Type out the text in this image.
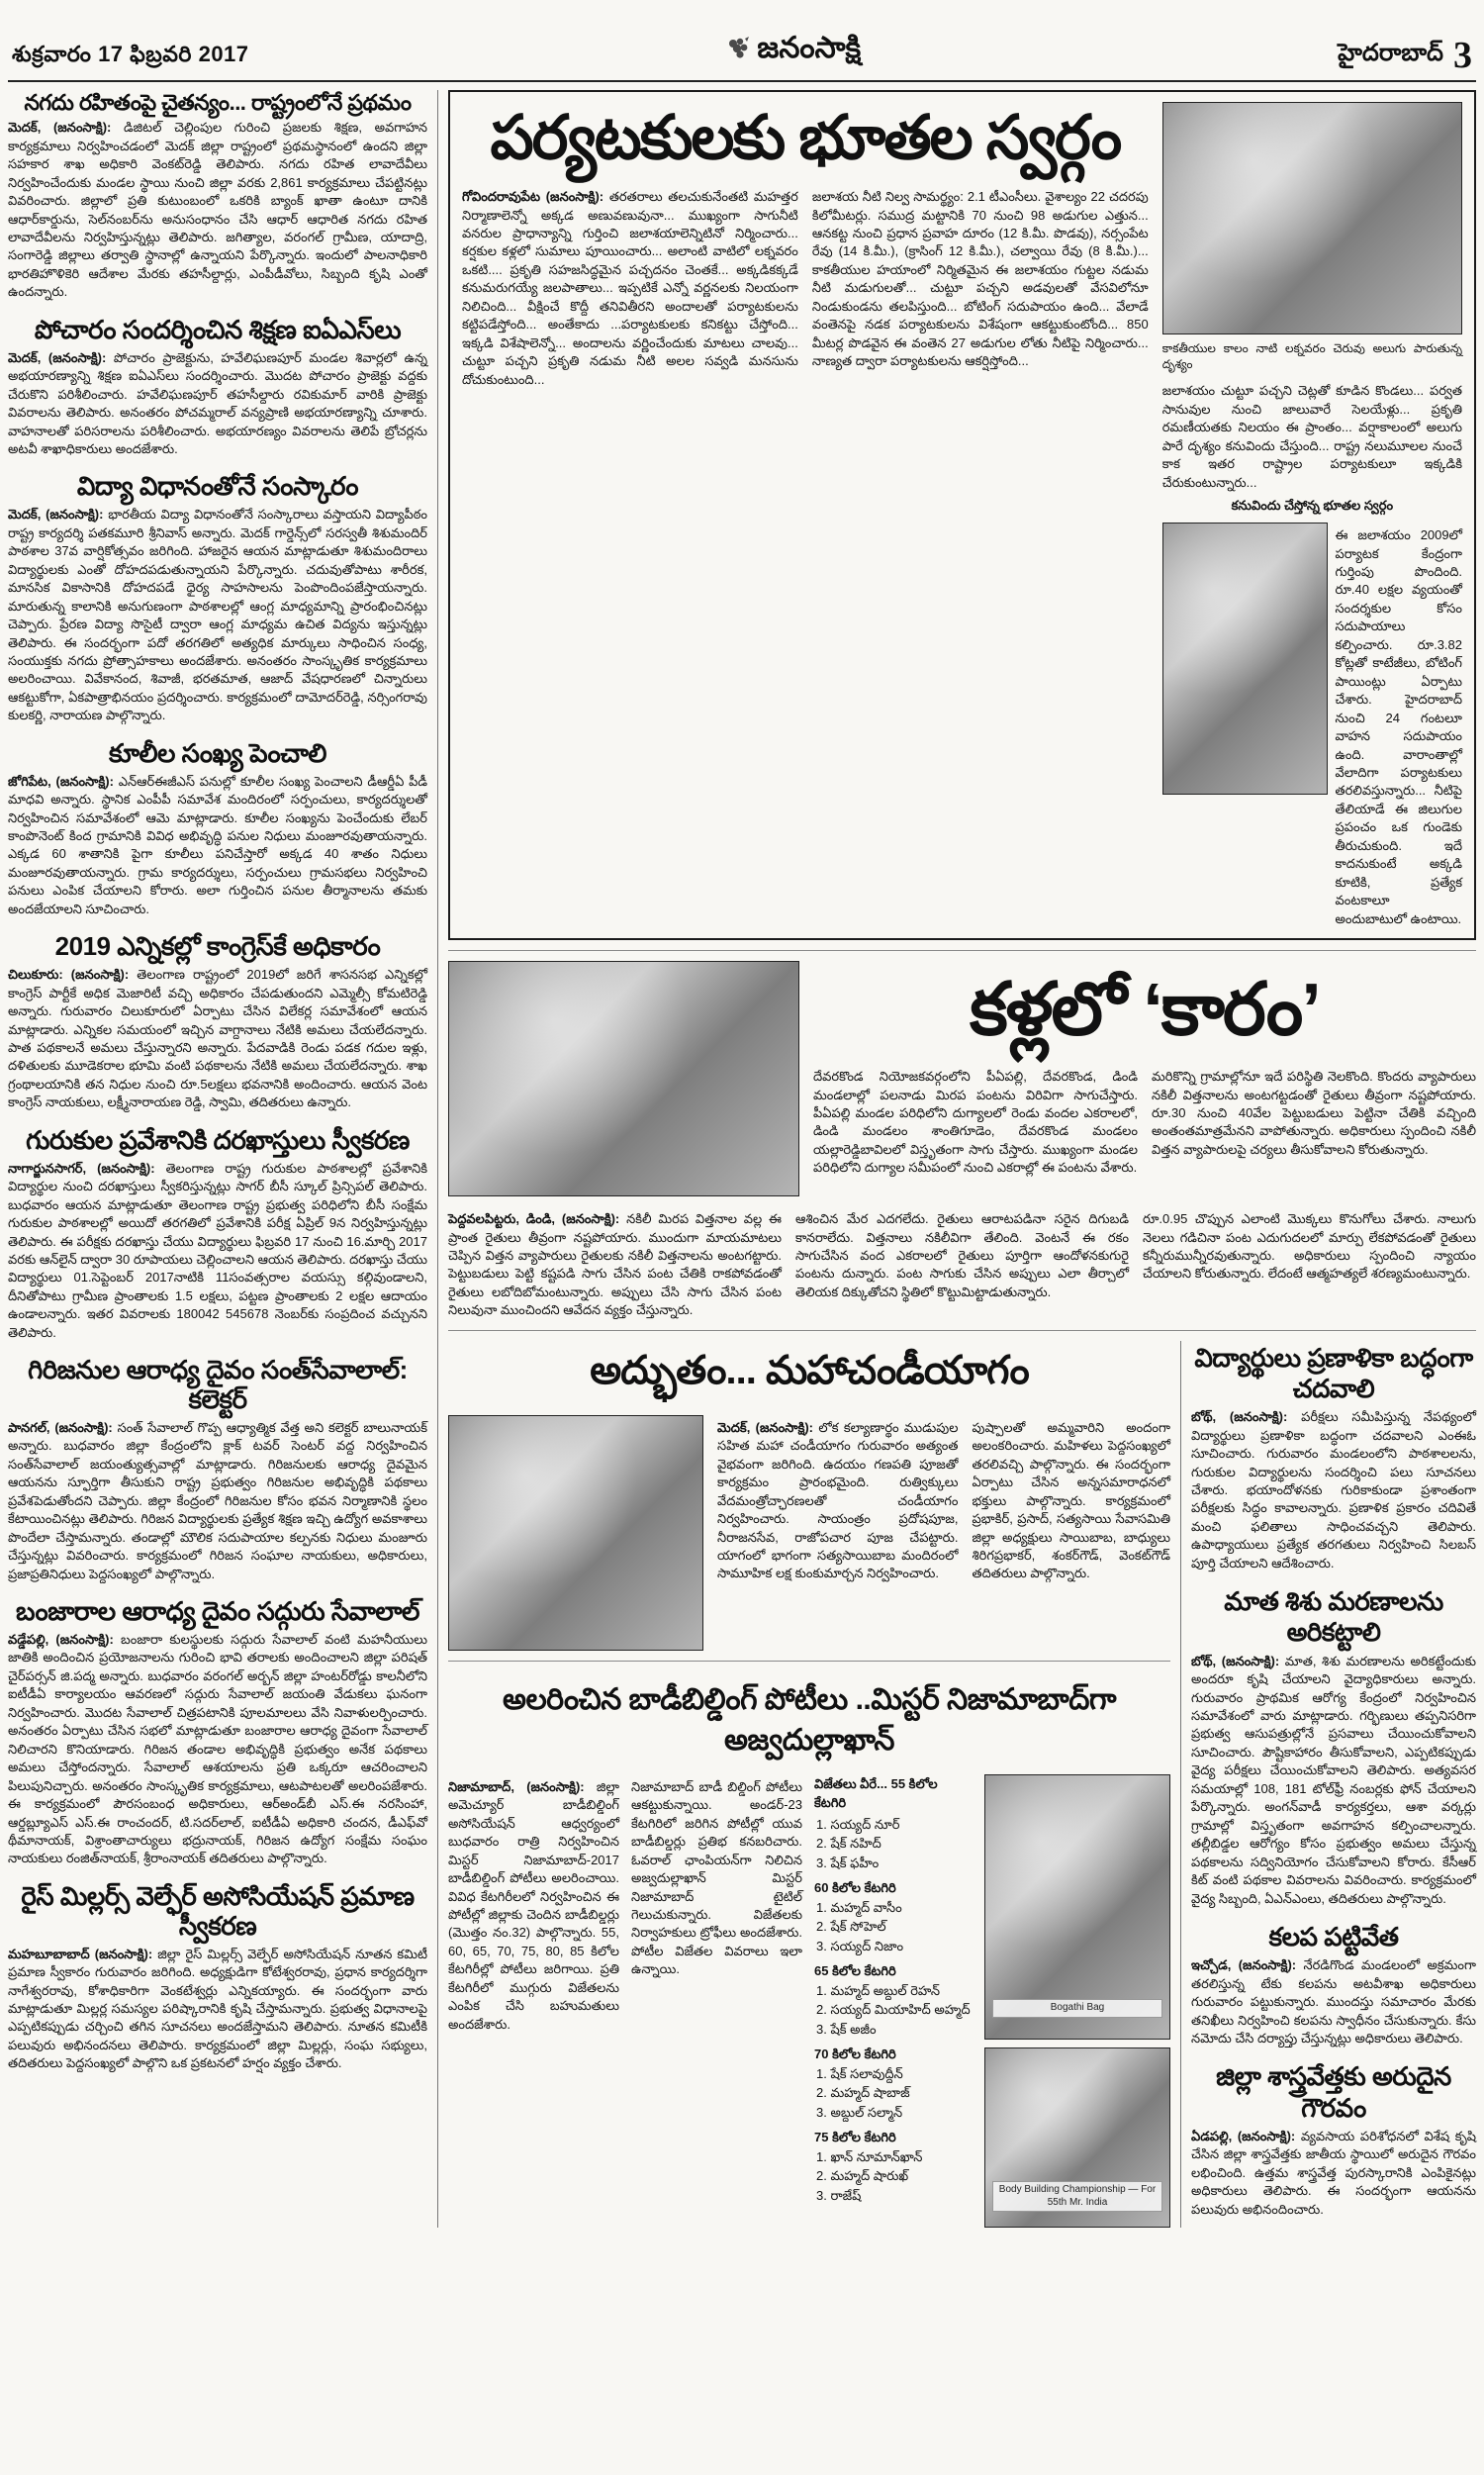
శుక్రవారం 17 ఫిబ్రవరి 2017	జనంసాక్షి	హైదరాబాద్ 3
నగదు రహితంపై చైతన్యం... రాష్ట్రంలోనే ప్రథమం

మెదక్, (జనంసాక్షి): డిజిటల్ చెల్లింపుల గురించి ప్రజలకు శిక్షణ, అవగాహన కార్యక్రమాలు నిర్వహించడంలో మెదక్ జిల్లా రాష్ట్రంలో ప్రథమస్థానంలో ఉందని జిల్లా సహకార శాఖ అధికారి వెంకట్‌రెడ్డి తెలిపారు. నగదు రహిత లావాదేవీలు నిర్వహించేందుకు మండల స్థాయి నుంచి జిల్లా వరకు 2,861 కార్యక్రమాలు చేపట్టినట్లు వివరించారు. జిల్లాలో ప్రతి కుటుంబంలో ఒకరికి బ్యాంక్ ఖాతా ఉంటూ దానికి ఆధార్‌కార్డును, సెల్‌నంబర్‌ను అనుసంధానం చేసి ఆధార్ ఆధారిత నగదు రహిత లావాదేవీలను నిర్వహిస్తున్నట్లు తెలిపారు. జగిత్యాల, వరంగల్ గ్రామీణ, యాదాద్రి, సంగారెడ్డి జిల్లాలు తర్వాతి స్థానాల్లో ఉన్నాయని పేర్కొన్నారు. ఇందులో పాలనాధికారి భారతిహొళికెరి ఆదేశాల మేరకు తహసీల్దార్లు, ఎంపీడీవోలు, సిబ్బంది కృషి ఎంతో ఉందన్నారు.

పోచారం సందర్శించిన శిక్షణ ఐఏఎస్‌లు

మెదక్, (జనంసాక్షి): పోచారం ప్రాజెక్టును, హవేలిఘణపూర్ మండల శివార్లలో ఉన్న అభయారణ్యాన్ని శిక్షణ ఐఏఎస్‌లు సందర్శించారు. మొదట పోచారం ప్రాజెక్టు వద్దకు చేరుకొని పరిశీలించారు. హవేలిఘణపూర్ తహసీల్దారు రవికుమార్ వారికి ప్రాజెక్టు వివరాలను తెలిపారు. అనంతరం పోచమ్మరాల్ వన్యప్రాణి అభయారణ్యాన్ని చూశారు. వాహనాలతో పరిసరాలను పరిశీలించారు. అభయారణ్యం వివరాలను తెలిపే బ్రోచర్లను అటవీ శాఖాధికారులు అందజేశారు.

విద్యా విధానంతోనే సంస్కారం

మెదక్, (జనంసాక్షి): భారతీయ విద్యా విధానంతోనే సంస్కారాలు వస్తాయని విద్యాపీఠం రాష్ట్ర కార్యదర్శి పతకమూరి శ్రీనివాస్ అన్నారు. మెదక్ గార్డెన్స్‌లో సరస్వతీ శిశుమందిర్ పాఠశాల 37వ వార్షికోత్సవం జరిగింది. హాజరైన ఆయన మాట్లాడుతూ శిశుమందిరాలు విద్యార్థులకు ఎంతో దోహదపడుతున్నాయని పేర్కొన్నారు. చదువుతోపాటు శారీరక, మానసిక వికాసానికి దోహదపడే ధైర్య సాహసాలను పెంపొందింపజేస్తాయన్నారు. మారుతున్న కాలానికి అనుగుణంగా పాఠశాలల్లో ఆంగ్ల మాధ్యమాన్ని ప్రారంభించినట్లు చెప్పారు. ప్రేరణ విద్యా సొసైటీ ద్వారా ఆంగ్ల మాధ్యమ ఉచిత విద్యను ఇస్తున్నట్లు తెలిపారు. ఈ సందర్భంగా పదో తరగతిలో అత్యధిక మార్కులు సాధించిన సంధ్య, సంయుక్తకు నగదు ప్రోత్సాహకాలు అందజేశారు. అనంతరం సాంస్కృతిక కార్యక్రమాలు అలరించాయి. వివేకానంద, శివాజీ, భరతమాత, ఆజాద్ వేషధారణలో చిన్నారులు ఆకట్టుకోగా, ఏకపాత్రాభినయం ప్రదర్శించారు. కార్యక్రమంలో దామోదర్‌రెడ్డి, నర్సింగరావు కులకర్ణి, నారాయణ పాల్గొన్నారు.

కూలీల సంఖ్య పెంచాలి

జోగిపేట, (జనంసాక్షి): ఎన్ఆర్ఈజీఎస్ పనుల్లో కూలీల సంఖ్య పెంచాలని డీఆర్డీఏ పీడీ మాధవి అన్నారు. స్థానిక ఎంపీపీ సమావేశ మందిరంలో సర్పంచులు, కార్యదర్శులతో నిర్వహించిన సమావేశంలో ఆమె మాట్లాడారు. కూలీల సంఖ్యను పెంచేందుకు లేబర్ కాంపొనెంట్ కింద గ్రామానికి వివిధ అభివృద్ధి పనుల నిధులు మంజూరవుతాయన్నారు. ఎక్కడ 60 శాతానికి పైగా కూలీలు పనిచేస్తారో అక్కడ 40 శాతం నిధులు మంజూరవుతాయన్నారు. గ్రామ కార్యదర్శులు, సర్పంచులు గ్రామసభలు నిర్వహించి పనులు ఎంపిక చేయాలని కోరారు. అలా గుర్తించిన పనుల తీర్మానాలను తమకు అందజేయాలని సూచించారు.

2019 ఎన్నికల్లో కాంగ్రెస్‌కే అధికారం

చిలుకూరు: (జనంసాక్షి): తెలంగాణ రాష్ట్రంలో 2019లో జరిగే శాసనసభ ఎన్నికల్లో కాంగ్రెస్ పార్టీకే అధిక మెజారిటీ వచ్చి అధికారం చేపడుతుందని ఎమ్మెల్సీ కోమటిరెడ్డి అన్నారు. గురువారం చిలుకూరులో ఏర్పాటు చేసిన విలేకర్ల సమావేశంలో ఆయన మాట్లాడారు. ఎన్నికల సమయంలో ఇచ్చిన వాగ్దానాలు నేటికి అమలు చేయలేదన్నారు. పాత పథకాలనే అమలు చేస్తున్నారని అన్నారు. పేదవాడికి రెండు పడక గదుల ఇళ్లు, దళితులకు మూడెకరాల భూమి వంటి పథకాలను నేటికి అమలు చేయలేదన్నారు. శాఖ గ్రంథాలయానికి తన నిధుల నుంచి రూ.5లక్షలు భవనానికి అందించారు. ఆయన వెంట కాంగ్రెస్ నాయకులు, లక్ష్మీనారాయణ రెడ్డి, స్వామి, తదితరులు ఉన్నారు.

గురుకుల ప్రవేశానికి దరఖాస్తులు స్వీకరణ

నాగార్జునసాగర్, (జనంసాక్షి): తెలంగాణ రాష్ట్ర గురుకుల పాఠశాలల్లో ప్రవేశానికి విద్యార్థుల నుంచి దరఖాస్తులు స్వీకరిస్తున్నట్లు సాగర్ బీసీ స్కూల్ ప్రిన్సిపల్ తెలిపారు. బుధవారం ఆయన మాట్లాడుతూ తెలంగాణ రాష్ట్ర ప్రభుత్వ పరిధిలోని బీసీ సంక్షేమ గురుకుల పాఠశాలల్లో అయిదో తరగతిలో ప్రవేశానికి పరీక్ష ఏప్రిల్ 9న నిర్వహిస్తున్నట్లు తెలిపారు. ఈ పరీక్షకు దరఖాస్తు చేయు విద్యార్థులు ఫిబ్రవరి 17 నుంచి 16.మార్చి 2017 వరకు ఆన్‌లైన్ ద్వారా 30 రూపాయలు చెల్లించాలని ఆయన తెలిపారు. దరఖాస్తు చేయు విద్యార్థులు 01.సెప్టెంబర్ 2017నాటికి 11సంవత్సరాల వయస్సు కల్గివుండాలని, దీనితోపాటు గ్రామీణ ప్రాంతాలకు 1.5 లక్షలు, పట్టణ ప్రాంతాలకు 2 లక్షల ఆదాయం ఉండాలన్నారు. ఇతర వివరాలకు 180042 545678 నెంబర్‌కు సంప్రదించ వచ్చునని తెలిపారు.

గిరిజనుల ఆరాధ్య దైవం సంత్‌సేవాలాల్: కలెక్టర్

పానగల్, (జనంసాక్షి): సంత్ సేవాలాల్ గొప్ప ఆధ్యాత్మిక వేత్త అని కలెక్టర్ బాలునాయక్ అన్నారు. బుధవారం జిల్లా కేంద్రంలోని క్లాక్ టవర్ సెంటర్ వద్ద నిర్వహించిన సంత్‌సేవాలాల్ జయంత్యుత్సవాల్లో మాట్లాడారు. గిరిజనులకు ఆరాధ్య దైవమైన ఆయనను స్ఫూర్తిగా తీసుకుని రాష్ట్ర ప్రభుత్వం గిరిజనుల అభివృద్ధికి పథకాలు ప్రవేశపెడుతోందని చెప్పారు. జిల్లా కేంద్రంలో గిరిజనుల కోసం భవన నిర్మాణానికి స్థలం కేటాయించినట్లు తెలిపారు. గిరిజన విద్యార్థులకు ప్రత్యేక శిక్షణ ఇచ్చి ఉద్యోగ అవకాశాలు పొందేలా చేస్తామన్నారు. తండాల్లో మౌలిక సదుపాయాల కల్పనకు నిధులు మంజూరు చేస్తున్నట్లు వివరించారు. కార్యక్రమంలో గిరిజన సంఘాల నాయకులు, అధికారులు, ప్రజాప్రతినిధులు పెద్దసంఖ్యలో పాల్గొన్నారు.

బంజారాల ఆరాధ్య దైవం సద్గురు సేవాలాల్

వడ్డేపల్లి, (జనంసాక్షి): బంజారా కులస్థులకు సద్గురు సేవాలాల్ వంటి మహనీయులు జాతికి అందించిన ప్రయోజనాలను గురించి భావి తరాలకు అందించాలని జిల్లా పరిషత్ చైర్‌పర్సన్ జి.పద్మ అన్నారు. బుధవారం వరంగల్ అర్బన్ జిల్లా హంటర్‌రోడ్డు కాలనీలోని ఐటీడీఏ కార్యాలయం ఆవరణలో సద్గురు సేవాలాల్ జయంతి వేడుకలు ఘనంగా నిర్వహించారు. మొదట సేవాలాల్ చిత్రపటానికి పూలమాలలు వేసి నివాళులర్పించారు. అనంతరం ఏర్పాటు చేసిన సభలో మాట్లాడుతూ బంజారాల ఆరాధ్య దైవంగా సేవాలాల్ నిలిచారని కొనియాడారు. గిరిజన తండాల అభివృద్ధికి ప్రభుత్వం అనేక పథకాలు అమలు చేస్తోందన్నారు. సేవాలాల్ ఆశయాలను ప్రతి ఒక్కరూ ఆచరించాలని పిలుపునిచ్చారు. అనంతరం సాంస్కృతిక కార్యక్రమాలు, ఆటపాటలతో అలరింపజేశారు. ఈ కార్యక్రమంలో పౌరసంబంధ అధికారులు, ఆర్అండ్‌బీ ఎస్.ఈ నరసింహా, ఆర్డబ్ల్యూఎస్ ఎస్.ఈ రాంచందర్, టి.సదర్‌లాల్, ఐటీడీఏ అధికారి చందన, డీఎఫ్‌వో థీమానాయక్, విశ్రాంతాచార్యులు భద్రునాయక్, గిరిజన ఉద్యోగ సంక్షేమ సంఘం నాయకులు రంజిత్‌నాయక్, శ్రీరాంనాయక్ తదితరులు పాల్గొన్నారు.

రైస్ మిల్లర్స్ వెల్ఫేర్ అసోసియేషన్ ప్రమాణ స్వీకరణ

మహబూబాబాద్ (జనంసాక్షి): జిల్లా రైస్ మిల్లర్స్ వెల్ఫేర్ అసోసియేషన్ నూతన కమిటీ ప్రమాణ స్వీకారం గురువారం జరిగింది. అధ్యక్షుడిగా కోటేశ్వరరావు, ప్రధాన కార్యదర్శిగా నాగేశ్వరరావు, కోశాధికారిగా వెంకటేశ్వర్లు ఎన్నికయ్యారు. ఈ సందర్భంగా వారు మాట్లాడుతూ మిల్లర్ల సమస్యల పరిష్కారానికి కృషి చేస్తామన్నారు. ప్రభుత్వ విధానాలపై ఎప్పటికప్పుడు చర్చించి తగిన సూచనలు అందజేస్తామని తెలిపారు. నూతన కమిటీకి పలువురు అభినందనలు తెలిపారు. కార్యక్రమంలో జిల్లా మిల్లర్లు, సంఘ సభ్యులు, తదితరులు పెద్దసంఖ్యలో పాల్గొని ఒక ప్రకటనలో హర్షం వ్యక్తం చేశారు.

పర్యటకులకు భూతల స్వర్గం

గోవిందరావుపేట (జనంసాక్షి): తరతరాలు తలచుకునేంతటి మహత్తర నిర్మాణాలెన్నో అక్కడ అణువణువునా... ముఖ్యంగా సాగునీటి వనరుల ప్రాధాన్యాన్ని గుర్తించి జలాశయాలెన్నిటినో నిర్మించారు... కర్షకుల కళ్లలో సుమాలు పూయించారు... అలాంటి వాటిలో లక్నవరం ఒకటి.... ప్రకృతి సహజసిద్ధమైన పచ్చదనం చెంతకే... అక్కడికక్కడే కనుమరుగయ్యే జలపాతాలు... ఇప్పటికే ఎన్నో వర్ణనలకు నిలయంగా నిలిచింది... వీక్షించే కొద్దీ తనివితీరని అందాలతో పర్యాటకులను కట్టిపడేస్తోంది... అంతేకాదు ...పర్యాటకులకు కనికట్టు చేస్తోంది... ఇక్కడి విశేషాలెన్నో... అందాలను వర్ణించేందుకు మాటలు చాలవు... చుట్టూ పచ్చని ప్రకృతి నడుమ నీటి అలల సవ్వడి మనసును దోచుకుంటుంది...

జలాశయ నీటి నిల్వ సామర్థ్యం: 2.1 టీఎంసీలు. వైశాల్యం 22 చదరపు కిలోమీటర్లు. సముద్ర మట్టానికి 70 నుంచి 98 అడుగుల ఎత్తున... ఆనకట్ట నుంచి ప్రధాన ప్రవాహ దూరం (12 కి.మీ. పొడవు), నర్సంపేట రేవు (14 కి.మీ.), (క్రాసింగ్ 12 కి.మీ.), చల్వాయి రేవు (8 కి.మీ.)... కాకతీయుల హయాంలో నిర్మితమైన ఈ జలాశయం గుట్టల నడుమ నీటి మడుగులతో... చుట్టూ పచ్చని అడవులతో వేసవిలోనూ నిండుకుండను తలపిస్తుంది... బోటింగ్ సదుపాయం ఉంది... వేలాడే వంతెనపై నడక పర్యాటకులను విశేషంగా ఆకట్టుకుంటోంది... 850 మీటర్ల పొడవైన ఈ వంతెన 27 అడుగుల లోతు నీటిపై నిర్మించారు... నాణ్యత ద్వారా పర్యాటకులను ఆకర్షిస్తోంది...

కాకతీయుల కాలం నాటి లక్నవరం చెరువు అలుగు పారుతున్న దృశ్యం

జలాశయం చుట్టూ పచ్చని చెట్లతో కూడిన కొండలు... పర్వత సానువుల నుంచి జాలువారే సెలయేళ్లు... ప్రకృతి రమణీయతకు నిలయం ఈ ప్రాంతం... వర్షాకాలంలో అలుగు పారే దృశ్యం కనువిందు చేస్తుంది... రాష్ట్ర నలుమూలల నుంచే కాక ఇతర రాష్ట్రాల పర్యాటకులూ ఇక్కడికి చేరుకుంటున్నారు...

కనువిందు చేస్తోన్న భూతల స్వర్గం

ఈ జలాశయం 2009లో పర్యాటక కేంద్రంగా గుర్తింపు పొందింది. రూ.40 లక్షల వ్యయంతో సందర్శకుల కోసం సదుపాయాలు కల్పించారు. రూ.3.82 కోట్లతో కాటేజీలు, బోటింగ్ పాయింట్లు ఏర్పాటు చేశారు. హైదరాబాద్ నుంచి 24 గంటలూ వాహన సదుపాయం ఉంది. వారాంతాల్లో వేలాదిగా పర్యాటకులు తరలివస్తున్నారు... నీటిపై తేలియాడే ఈ జిలుగుల ప్రపంచం ఒక గుండెకు తీరుచుకుంది. ఇదే కాదనుకుంటే అక్కడి కూటికి, ప్రత్యేక వంటకాలూ అందుబాటులో ఉంటాయి.

కళ్లలో ‘కారం’

దేవరకొండ నియోజకవర్గంలోని పీఏపల్లి, దేవరకొండ, డిండి మండలాల్లో పలనాడు మిరప పంటను విరివిగా సాగుచేస్తారు. పీఏపల్లి మండల పరిధిలోని దుగ్యాలలో రెండు వందల ఎకరాలలో, డిండి మండలం శాంతిగూడెం, దేవరకొండ మండలం యల్లారెడ్డిబావిలలో విస్తృతంగా సాగు చేస్తారు. ముఖ్యంగా మండల పరిధిలోని దుగ్యాల సమీపంలో నుంచి ఎకరాల్లో ఈ పంటను వేశారు.

మరికొన్ని గ్రామాల్లోనూ ఇదే పరిస్థితి నెలకొంది. కొందరు వ్యాపారులు నకిలీ విత్తనాలను అంటగట్టడంతో రైతులు తీవ్రంగా నష్టపోయారు. రూ.30 నుంచి 40వేల పెట్టుబడులు పెట్టినా చేతికి వచ్చింది అంతంతమాత్రమేనని వాపోతున్నారు. అధికారులు స్పందించి నకిలీ విత్తన వ్యాపారులపై చర్యలు తీసుకోవాలని కోరుతున్నారు.

పెద్దవలపిట్టరు, డిండి, (జనంసాక్షి): నకిలీ మిరప విత్తనాల వల్ల ఈ ప్రాంత రైతులు తీవ్రంగా నష్టపోయారు. ముందుగా మాయమాటలు చెప్పిన విత్తన వ్యాపారులు రైతులకు నకిలీ విత్తనాలను అంటగట్టారు. పెట్టుబడులు పెట్టి కష్టపడి సాగు చేసిన పంట చేతికి రాకపోవడంతో రైతులు లబోదిబోమంటున్నారు. అప్పులు చేసి సాగు చేసిన పంట నిలువునా ముంచిందని ఆవేదన వ్యక్తం చేస్తున్నారు.

ఆశించిన మేర ఎదగలేదు. రైతులు ఆరాటపడినా సరైన దిగుబడి కానరాలేదు. విత్తనాలు నకిలీవిగా తేలింది. వెంటనే ఈ రకం సాగుచేసిన వంద ఎకరాలలో రైతులు పూర్తిగా ఆందోళనకుగురై పంటను దున్నారు. పంట సాగుకు చేసిన అప్పులు ఎలా తీర్చాలో తెలియక దిక్కుతోచని స్థితిలో కొట్టుమిట్టాడుతున్నారు.

రూ.0.95 చొప్పున ఎలాంటి మొక్కలు కొనుగోలు చేశారు. నాలుగు నెలలు గడిచినా పంట ఎదుగుదలలో మార్పు లేకపోవడంతో రైతులు కన్నీరుమున్నీరవుతున్నారు. అధికారులు స్పందించి న్యాయం చేయాలని కోరుతున్నారు. లేదంటే ఆత్మహత్యలే శరణ్యమంటున్నారు.

అద్భుతం... మహాచండీయాగం

మెదక్, (జనంసాక్షి): లోక కల్యాణార్థం ముడుపుల సహిత మహా చండీయాగం గురువారం అత్యంత వైభవంగా జరిగింది. ఉదయం గణపతి పూజతో కార్యక్రమం ప్రారంభమైంది. రుత్విక్కులు వేదమంత్రోచ్ఛారణలతో చండీయాగం నిర్వహించారు. సాయంత్రం ప్రదోషపూజ, నీరాజనసేవ, రాజోపచార పూజ చేపట్టారు. యాగంలో భాగంగా సత్యసాయిబాబ మందిరంలో సామూహిక లక్ష కుంకుమార్చన నిర్వహించారు.

పుష్పాలతో అమ్మవారిని అందంగా అలంకరించారు. మహిళలు పెద్దసంఖ్యలో తరలివచ్చి పాల్గొన్నారు. ఈ సందర్భంగా ఏర్పాటు చేసిన అన్నసమారాధనలో భక్తులు పాల్గొన్నారు. కార్యక్రమంలో ప్రభాకిర్, ప్రసాద్, సత్యసాయి సేవాసమితి జిల్లా అధ్యక్షులు సాయిబాబ, బాధ్యులు శిరిగప్రభాకర్, శంకర్‌గౌడ్, వెంకట్‌గౌడ్ తదితరులు పాల్గొన్నారు.

అలరించిన బాడీబిల్డింగ్ పోటీలు ..మిస్టర్ నిజామాబాద్‌గా అజ్వదుల్లాఖాన్

నిజామాబాద్, (జనంసాక్షి): జిల్లా అమెచ్యూర్ బాడీబిల్డింగ్ అసోసియేషన్ ఆధ్వర్యంలో బుధవారం రాత్రి నిర్వహించిన మిస్టర్ నిజామాబాద్-2017 బాడీబిల్డింగ్ పోటీలు అలరించాయి. వివిధ కేటగిరీలలో నిర్వహించిన ఈ పోటీల్లో జిల్లాకు చెందిన బాడీబిల్డర్లు (మొత్తం నం.32) పాల్గొన్నారు. 55, 60, 65, 70, 75, 80, 85 కిలోల కేటగిరీల్లో పోటీలు జరిగాయి. ప్రతి కేటగిరీలో ముగ్గురు విజేతలను ఎంపిక చేసి బహుమతులు అందజేశారు.

నిజామాబాద్ బాడీ బిల్డింగ్ పోటీలు ఆకట్టుకున్నాయి. అండర్-23 కేటగిరిలో జరిగిన పోటీల్లో యువ బాడీబిల్డర్లు ప్రతిభ కనబరిచారు. ఓవరాల్ ఛాంపియన్‌గా నిలిచిన అజ్వదుల్లాఖాన్ మిస్టర్ నిజామాబాద్ టైటిల్ గెలుచుకున్నారు. విజేతలకు నిర్వాహకులు ట్రోఫీలు అందజేశారు. పోటీల విజేతల వివరాలు ఇలా ఉన్నాయి.

విజేతలు వీరే... 55 కిలోల కేటగిరి
1. సయ్యద్ నూర్
2. షేక్ నహిద్
3. షేక్ ఫహీం
60 కిలోల కేటగిరి
1. మహ్మద్ వాసీం
2. షేక్ సోహెల్
3. సయ్యద్ నిజాం
65 కిలోల కేటగిరి
1. మహ్మద్ అబ్దుల్ రెహన్
2. సయ్యద్ మియాహిద్ అహ్మద్
3. షేక్ అజీం
70 కిలోల కేటగిరి
1. షేక్ సలావుద్దీన్
2. మహ్మద్ షాబాజ్
3. అబ్దుల్ సల్మాన్
75 కిలోల కేటగిరి
1. ఖాన్ నూమాన్‌ఖాన్
2. మహ్మద్ షారుఖ్
3. రాజేష్
Bogathi Bag
Body Building Championship — For 55th Mr. India
విద్యార్థులు ప్రణాళికా బద్ధంగా చదవాలి

బోథ్, (జనంసాక్షి): పరీక్షలు సమీపిస్తున్న నేపథ్యంలో విద్యార్థులు ప్రణాళికా బద్ధంగా చదవాలని ఎంఈఓ సూచించారు. గురువారం మండలంలోని పాఠశాలలను, గురుకుల విద్యార్థులను సందర్శించి పలు సూచనలు చేశారు. భయాందోళనకు గురికాకుండా ప్రశాంతంగా పరీక్షలకు సిద్ధం కావాలన్నారు. ప్రణాళిక ప్రకారం చదివితే మంచి ఫలితాలు సాధించవచ్చని తెలిపారు. ఉపాధ్యాయులు ప్రత్యేక తరగతులు నిర్వహించి సిలబస్ పూర్తి చేయాలని ఆదేశించారు.

మాత శిశు మరణాలను అరికట్టాలి

బోథ్, (జనంసాక్షి): మాత, శిశు మరణాలను అరికట్టేందుకు అందరూ కృషి చేయాలని వైద్యాధికారులు అన్నారు. గురువారం ప్రాథమిక ఆరోగ్య కేంద్రంలో నిర్వహించిన సమావేశంలో వారు మాట్లాడారు. గర్భిణులు తప్పనిసరిగా ప్రభుత్వ ఆసుపత్రుల్లోనే ప్రసవాలు చేయించుకోవాలని సూచించారు. పౌష్టికాహారం తీసుకోవాలని, ఎప్పటికప్పుడు వైద్య పరీక్షలు చేయించుకోవాలని తెలిపారు. అత్యవసర సమయాల్లో 108, 181 టోల్‌ఫ్రీ నంబర్లకు ఫోన్ చేయాలని పేర్కొన్నారు. అంగన్‌వాడీ కార్యకర్తలు, ఆశా వర్కర్లు గ్రామాల్లో విస్తృతంగా అవగాహన కల్పించాలన్నారు. తల్లీబిడ్డల ఆరోగ్యం కోసం ప్రభుత్వం అమలు చేస్తున్న పథకాలను సద్వినియోగం చేసుకోవాలని కోరారు. కేసీఆర్ కిట్ వంటి పథకాల వివరాలను వివరించారు. కార్యక్రమంలో వైద్య సిబ్బంది, ఏఎన్ఎంలు, తదితరులు పాల్గొన్నారు.

కలప పట్టివేత

ఇచ్చోడ, (జనంసాక్షి): నేరడిగొండ మండలంలో అక్రమంగా తరలిస్తున్న టేకు కలపను అటవీశాఖ అధికారులు గురువారం పట్టుకున్నారు. ముందస్తు సమాచారం మేరకు తనిఖీలు నిర్వహించి కలపను స్వాధీనం చేసుకున్నారు. కేసు నమోదు చేసి దర్యాప్తు చేస్తున్నట్లు అధికారులు తెలిపారు.

జిల్లా శాస్త్రవేత్తకు అరుదైన గౌరవం

ఏడపల్లి, (జనంసాక్షి): వ్యవసాయ పరిశోధనలో విశేష కృషి చేసిన జిల్లా శాస్త్రవేత్తకు జాతీయ స్థాయిలో అరుదైన గౌరవం లభించింది. ఉత్తమ శాస్త్రవేత్త పురస్కారానికి ఎంపికైనట్లు అధికారులు తెలిపారు. ఈ సందర్భంగా ఆయనను పలువురు అభినందించారు.
